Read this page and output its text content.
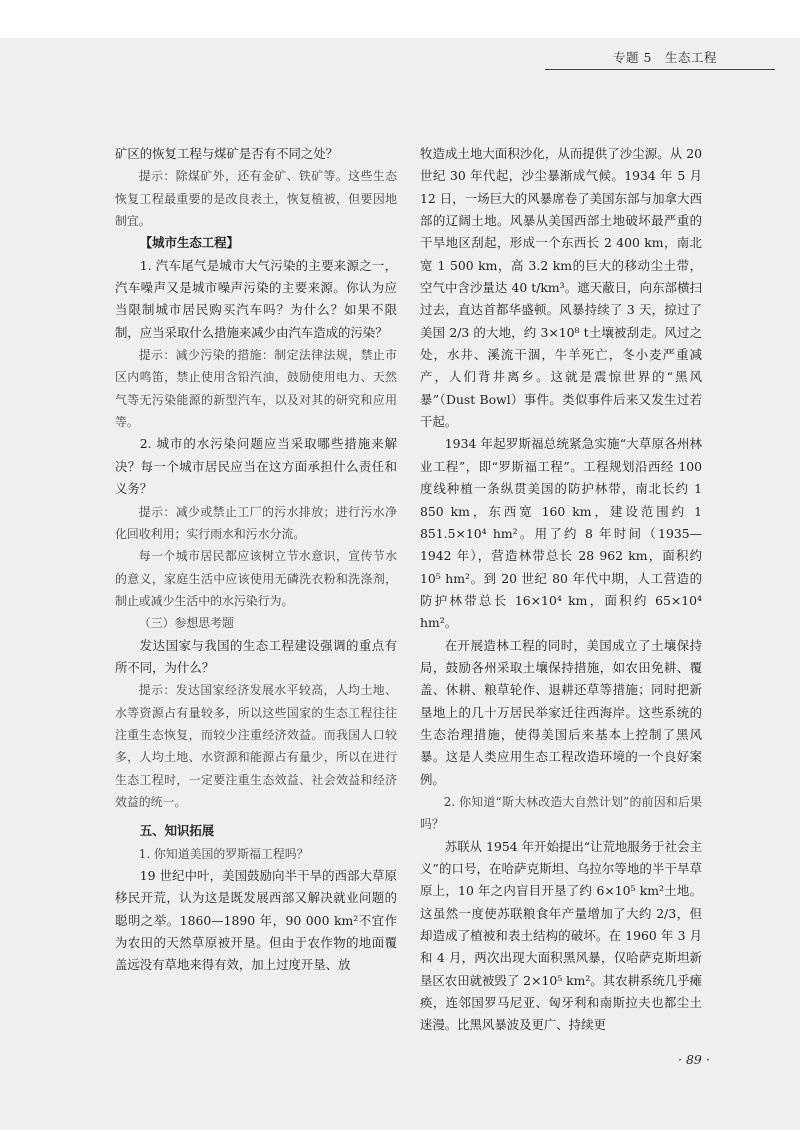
专题 5　生态工程

矿区的恢复工程与煤矿是否有不同之处？

提示：除煤矿外，还有金矿、铁矿等。这些生态恢复工程最重要的是改良表土，恢复植被，但要因地制宜。

【城市生态工程】

1. 汽车尾气是城市大气污染的主要来源之一，汽车噪声又是城市噪声污染的主要来源。你认为应当限制城市居民购买汽车吗？为什么？如果不限制，应当采取什么措施来减少由汽车造成的污染？

提示：减少污染的措施：制定法律法规，禁止市区内鸣笛，禁止使用含铅汽油，鼓励使用电力、天然气等无污染能源的新型汽车，以及对其的研究和应用等。

2. 城市的水污染问题应当采取哪些措施来解决？每一个城市居民应当在这方面承担什么责任和义务？

提示：减少或禁止工厂的污水排放；进行污水净化回收利用；实行雨水和污水分流。

每一个城市居民都应该树立节水意识，宣传节水的意义，家庭生活中应该使用无磷洗衣粉和洗涤剂，制止或减少生活中的水污染行为。

（三）参想思考题

发达国家与我国的生态工程建设强调的重点有所不同，为什么？

提示：发达国家经济发展水平较高，人均土地、水等资源占有量较多，所以这些国家的生态工程往往注重生态恢复，而较少注重经济效益。而我国人口较多，人均土地、水资源和能源占有量少，所以在进行生态工程时，一定要注重生态效益、社会效益和经济效益的统一。

五、知识拓展

1. 你知道美国的罗斯福工程吗？

19 世纪中叶，美国鼓励向半干旱的西部大草原移民开荒，认为这是既发展西部又解决就业问题的聪明之举。1860—1890 年，90 000 km²不宜作为农田的天然草原被开垦。但由于农作物的地面覆盖远没有草地来得有效，加上过度开垦、放

牧造成土地大面积沙化，从而提供了沙尘源。从 20 世纪 30 年代起，沙尘暴渐成气候。1934 年 5 月 12 日，一场巨大的风暴席卷了美国东部与加拿大西部的辽阔土地。风暴从美国西部土地破坏最严重的干旱地区刮起，形成一个东西长 2 400 km，南北宽 1 500 km，高 3.2 km的巨大的移动尘土带，空气中含沙量达 40 t/km³。遮天蔽日，向东部横扫过去，直达首都华盛顿。风暴持续了 3 天，掠过了美国 2/3 的大地，约 3×10⁸ t土壤被刮走。风过之处，水井、溪流干涸，牛羊死亡，冬小麦严重减产，人们背井离乡。这就是震惊世界的“黑风暴”（Dust Bowl）事件。类似事件后来又发生过若干起。

1934 年起罗斯福总统紧急实施“大草原各州林业工程”，即“罗斯福工程”。工程规划沿西经 100 度线种植一条纵贯美国的防护林带，南北长约 1 850 km，东西宽 160 km，建设范围约 1 851.5×10⁴ hm²。用了约 8 年时间（1935—1942 年），营造林带总长 28 962 km，面积约 10⁵ hm²。到 20 世纪 80 年代中期，人工营造的防护林带总长 16×10⁴ km，面积约 65×10⁴ hm²。

在开展造林工程的同时，美国成立了土壤保持局，鼓励各州采取土壤保持措施，如农田免耕、覆盖、休耕、粮草轮作、退耕还草等措施；同时把新垦地上的几十万居民举家迁往西海岸。这些系统的生态治理措施，使得美国后来基本上控制了黑风暴。这是人类应用生态工程改造环境的一个良好案例。

2. 你知道“斯大林改造大自然计划”的前因和后果吗？

苏联从 1954 年开始提出“让荒地服务于社会主义”的口号，在哈萨克斯坦、乌拉尔等地的半干旱草原上，10 年之内盲目开垦了约 6×10⁵ km²土地。这虽然一度使苏联粮食年产量增加了大约 2/3，但却造成了植被和表土结构的破坏。在 1960 年 3 月和 4 月，两次出现大面积黑风暴，仅哈萨克斯坦新垦区农田就被毁了 2×10⁵ km²。其农耕系统几乎瘫痪，连邻国罗马尼亚、匈牙利和南斯拉夫也都尘土迷漫。比黑风暴波及更广、持续更

· 89 ·
